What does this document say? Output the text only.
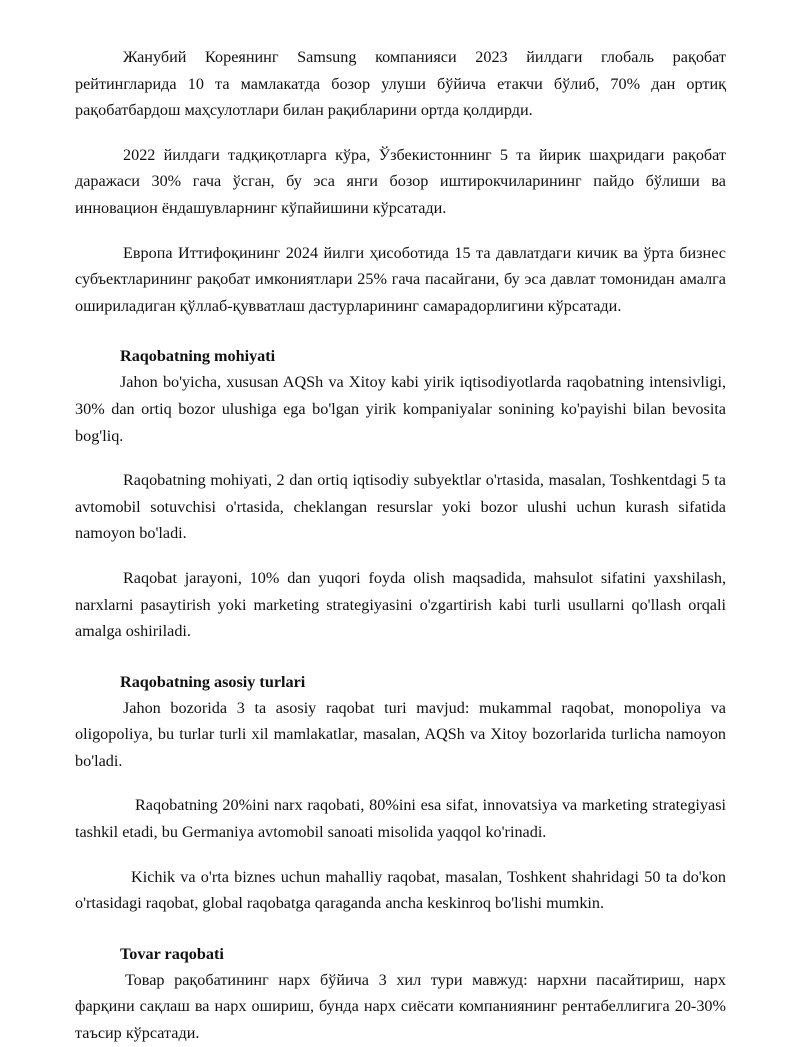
Жанубий Кореянинг Samsung компанияси 2023 йилдаги глобаль рақобат рейтингларида 10 та мамлакатда бозор улуши бўйича етакчи бўлиб, 70% дан ортиқ рақобатбардош маҳсулотлари билан рақибларини ортда қолдирди.

2022 йилдаги тадқиқотларга кўра, Ўзбекистоннинг 5 та йирик шаҳридаги рақобат даражаси 30% гача ўсган, бу эса янги бозор иштирокчиларининг пайдо бўлиши ва инновацион ёндашувларнинг кўпайишини кўрсатади.

Европа Иттифоқининг 2024 йилги ҳисоботида 15 та давлатдаги кичик ва ўрта бизнес субъектларининг рақобат имкониятлари 25% гача пасайгани, бу эса давлат томонидан амалга ошириладиган қўллаб-қувватлаш дастурларининг самарадорлигини кўрсатади.

Raqobatning mohiyati

Jahon bo'yicha, xususan AQSh va Xitoy kabi yirik iqtisodiyotlarda raqobatning intensivligi, 30% dan ortiq bozor ulushiga ega bo'lgan yirik kompaniyalar sonining ko'payishi bilan bevosita bog'liq.

Raqobatning mohiyati, 2 dan ortiq iqtisodiy subyektlar o'rtasida, masalan, Toshkentdagi 5 ta avtomobil sotuvchisi o'rtasida, cheklangan resurslar yoki bozor ulushi uchun kurash sifatida namoyon bo'ladi.

Raqobat jarayoni, 10% dan yuqori foyda olish maqsadida, mahsulot sifatini yaxshilash, narxlarni pasaytirish yoki marketing strategiyasini o'zgartirish kabi turli usullarni qo'llash orqali amalga oshiriladi.

Raqobatning asosiy turlari

Jahon bozorida 3 ta asosiy raqobat turi mavjud: mukammal raqobat, monopoliya va oligopoliya, bu turlar turli xil mamlakatlar, masalan, AQSh va Xitoy bozorlarida turlicha namoyon bo'ladi.

Raqobatning 20%ini narx raqobati, 80%ini esa sifat, innovatsiya va marketing strategiyasi tashkil etadi, bu Germaniya avtomobil sanoati misolida yaqqol ko'rinadi.

Kichik va o'rta biznes uchun mahalliy raqobat, masalan, Toshkent shahridagi 50 ta do'kon o'rtasidagi raqobat, global raqobatga qaraganda ancha keskinroq bo'lishi mumkin.

Tovar raqobati

Товар рақобатининг нарх бўйича 3 хил тури мавжуд: нархни пасайтириш, нарх фарқини сақлаш ва нарх ошириш, бунда нарх сиёсати компаниянинг рентабеллигига 20-30% таъсир кўрсатади.
